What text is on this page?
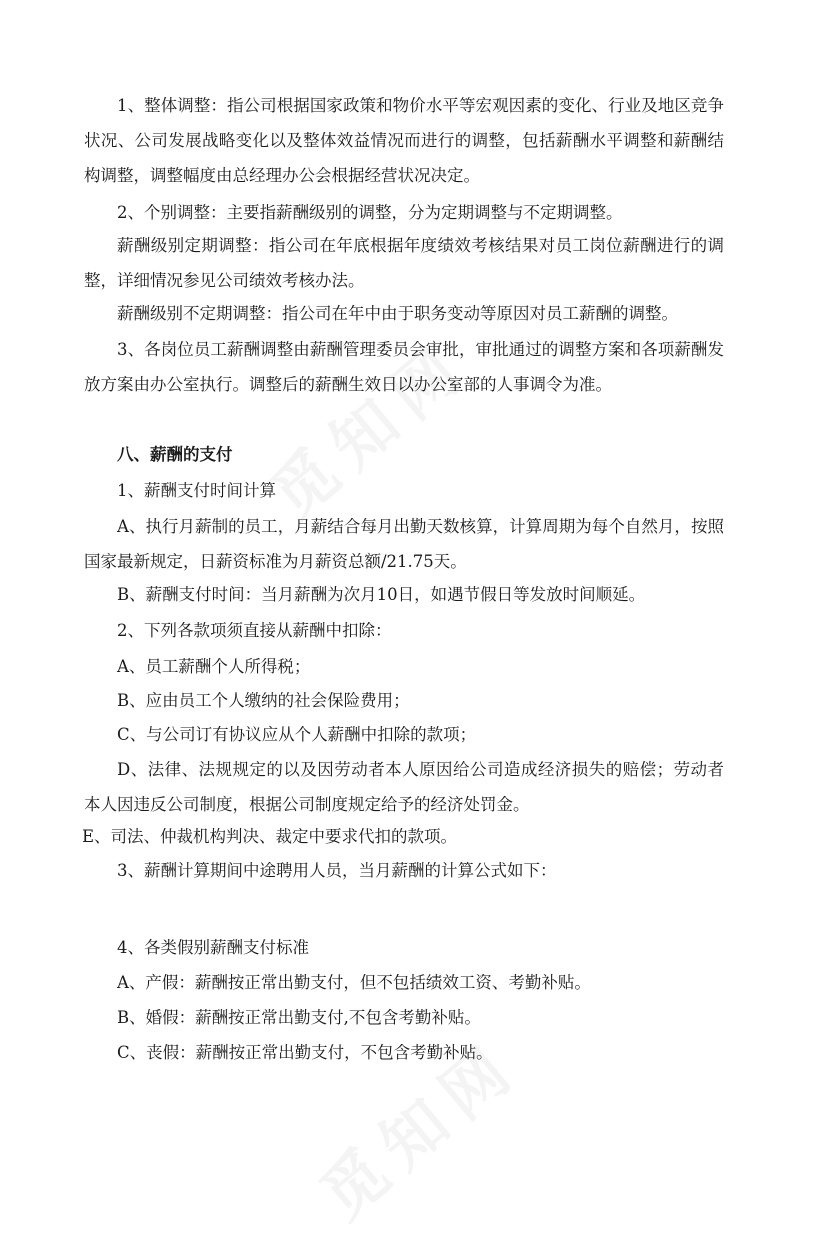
1、整体调整：指公司根据国家政策和物价水平等宏观因素的变化、行业及地区竞争状况、公司发展战略变化以及整体效益情况而进行的调整，包括薪酬水平调整和薪酬结构调整，调整幅度由总经理办公会根据经营状况决定。

2、个别调整：主要指薪酬级别的调整，分为定期调整与不定期调整。

薪酬级别定期调整：指公司在年底根据年度绩效考核结果对员工岗位薪酬进行的调整，详细情况参见公司绩效考核办法。

薪酬级别不定期调整：指公司在年中由于职务变动等原因对员工薪酬的调整。

3、各岗位员工薪酬调整由薪酬管理委员会审批，审批通过的调整方案和各项薪酬发放方案由办公室执行。调整后的薪酬生效日以办公室部的人事调令为准。

八、薪酬的支付

1、薪酬支付时间计算

A、执行月薪制的员工，月薪结合每月出勤天数核算，计算周期为每个自然月，按照国家最新规定，日薪资标准为月薪资总额/21.75天。

B、薪酬支付时间：当月薪酬为次月10日，如遇节假日等发放时间顺延。

2、下列各款项须直接从薪酬中扣除：

A、员工薪酬个人所得税；

B、应由员工个人缴纳的社会保险费用；

C、与公司订有协议应从个人薪酬中扣除的款项；

D、法律、法规规定的以及因劳动者本人原因给公司造成经济损失的赔偿；劳动者本人因违反公司制度，根据公司制度规定给予的经济处罚金。

E、司法、仲裁机构判决、裁定中要求代扣的款项。

3、薪酬计算期间中途聘用人员，当月薪酬的计算公式如下：

4、各类假别薪酬支付标准

A、产假：薪酬按正常出勤支付，但不包括绩效工资、考勤补贴。

B、婚假：薪酬按正常出勤支付,不包含考勤补贴。

C、丧假：薪酬按正常出勤支付，不包含考勤补贴。
